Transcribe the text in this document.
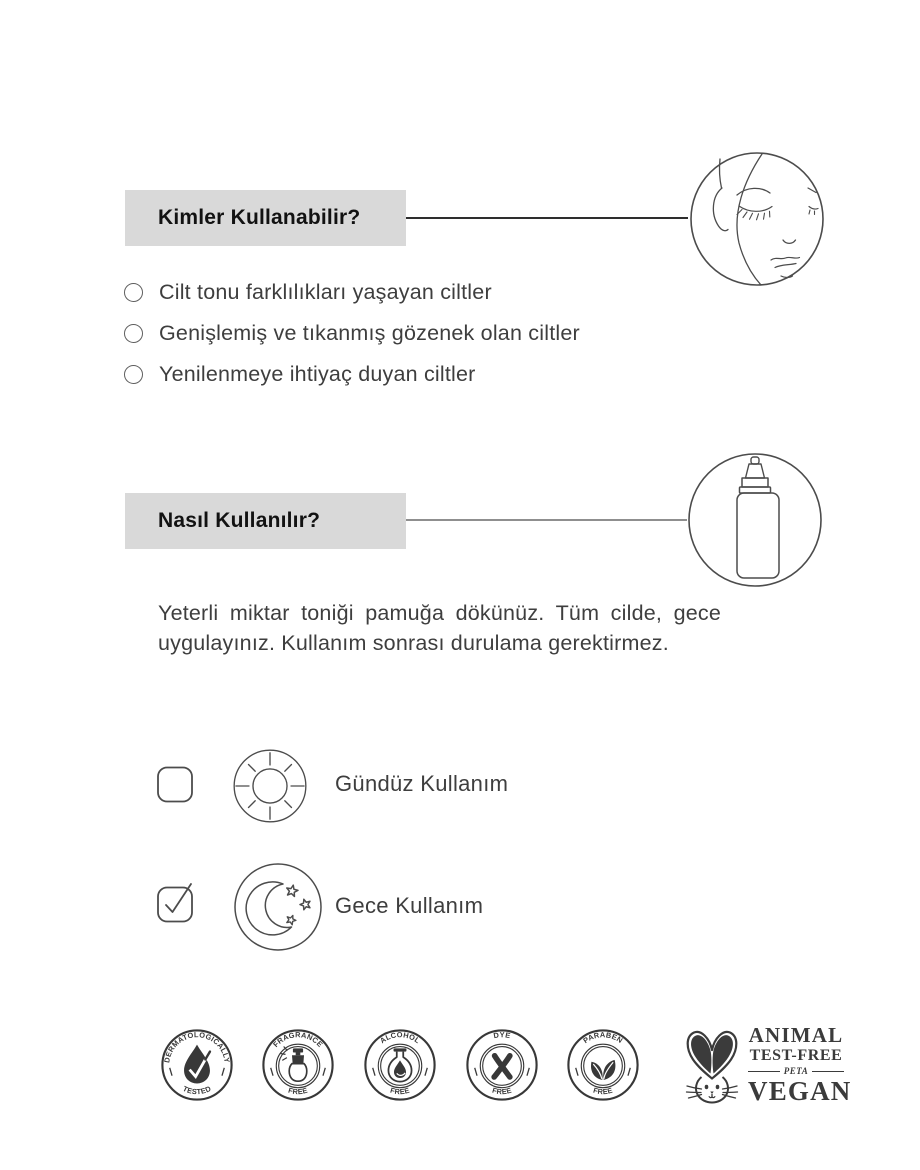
Kimler Kullanabilir?
Cilt tonu farklılıkları yaşayan ciltler
Genişlemiş ve tıkanmış gözenek olan ciltler
Yenilenmeye ihtiyaç duyan ciltler
Nasıl Kullanılır?
Yeterli miktar toniği pamuğa dökünüz. Tüm cilde, gece uygulayınız. Kullanım sonrası durulama gerektirmez.
Gündüz Kullanım
Gece Kullanım
DERMATOLOGICALLY
TESTED
FRAGRANCE
FREE
ALCOHOL
FREE
DYE
FREE
PARABEN
FREE
ANIMAL
TEST-FREE
PETA
VEGAN
